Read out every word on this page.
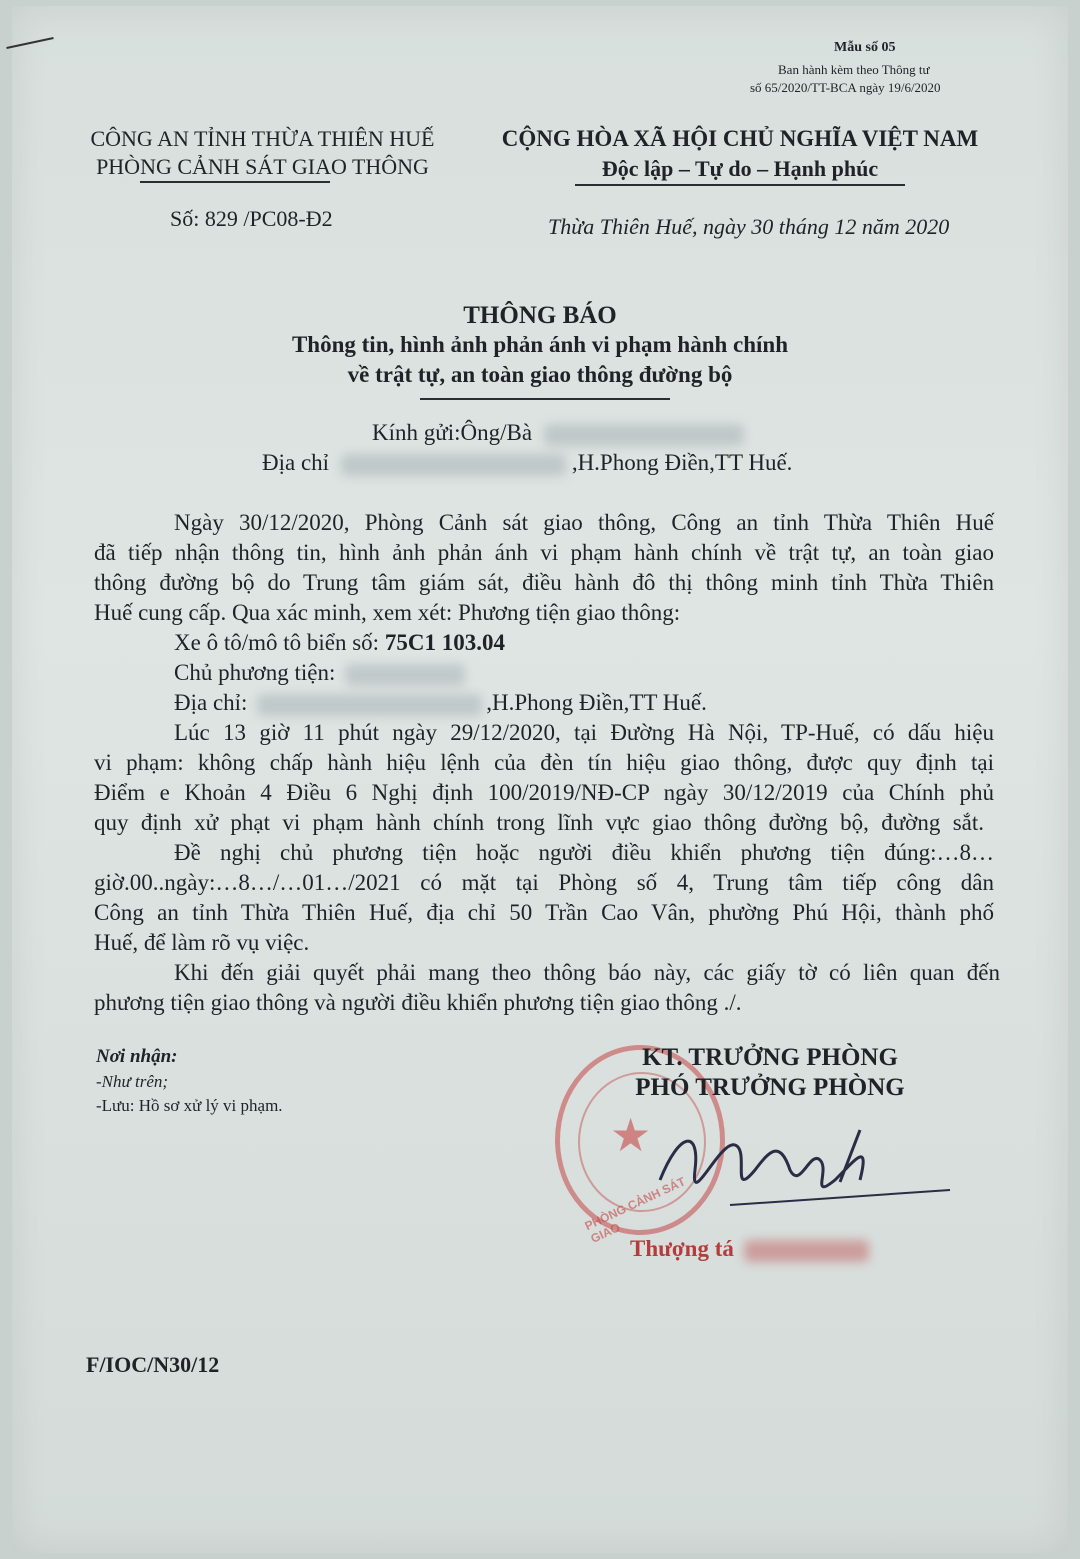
Mẫu số 05
Ban hành kèm theo Thông tư
số 65/2020/TT-BCA ngày 19/6/2020
CÔNG AN TỈNH THỪA THIÊN HUẾ
PHÒNG CẢNH SÁT GIAO THÔNG
Số: 829 /PC08-Đ2
CỘNG HÒA XÃ HỘI CHỦ NGHĨA VIỆT NAM
Độc lập – Tự do – Hạnh phúc
Thừa Thiên Huế, ngày 30 tháng 12 năm 2020
THÔNG BÁO
Thông tin, hình ảnh phản ánh vi phạm hành chính
về trật tự, an toàn giao thông đường bộ
Kính gửi:Ông/Bà
Địa chỉ	,H.Phong Điền,TT Huế.
Ngày 30/12/2020, Phòng Cảnh sát giao thông, Công an tỉnh Thừa Thiên Huế
đã tiếp nhận thông tin, hình ảnh phản ánh vi phạm hành chính về trật tự, an toàn giao
thông đường bộ do Trung tâm giám sát, điều hành đô thị thông minh tỉnh Thừa Thiên
Huế cung cấp. Qua xác minh, xem xét: Phương tiện giao thông:
Xe ô tô/mô tô biển số: 75C1 103.04
Chủ phương tiện:
Địa chỉ:	,H.Phong Điền,TT Huế.
Lúc 13 giờ 11 phút ngày 29/12/2020, tại Đường Hà Nội, TP-Huế, có dấu hiệu
vi phạm: không chấp hành hiệu lệnh của đèn tín hiệu giao thông, được quy định tại
Điểm e Khoản 4 Điều 6 Nghị định 100/2019/NĐ-CP ngày 30/12/2019 của Chính phủ
quy định xử phạt vi phạm hành chính trong lĩnh vực giao thông đường bộ, đường sắt.
Đề nghị chủ phương tiện hoặc người điều khiển phương tiện đúng:…8…
giờ.00..ngày:…8…/…01…/2021 có mặt tại Phòng số 4, Trung tâm tiếp công dân
Công an tỉnh Thừa Thiên Huế, địa chỉ 50 Trần Cao Vân, phường Phú Hội, thành phố
Huế, để làm rõ vụ việc.
Khi đến giải quyết phải mang theo thông báo này, các giấy tờ có liên quan đến
phương tiện giao thông và người điều khiển phương tiện giao thông ./.
Nơi nhận:
-Như trên;
-Lưu: Hồ sơ xử lý vi phạm.
★
PHÒNG CẢNH SÁT GIAO
KT. TRƯỞNG PHÒNG
PHÓ TRƯỞNG PHÒNG
Thượng tá
F/IOC/N30/12
